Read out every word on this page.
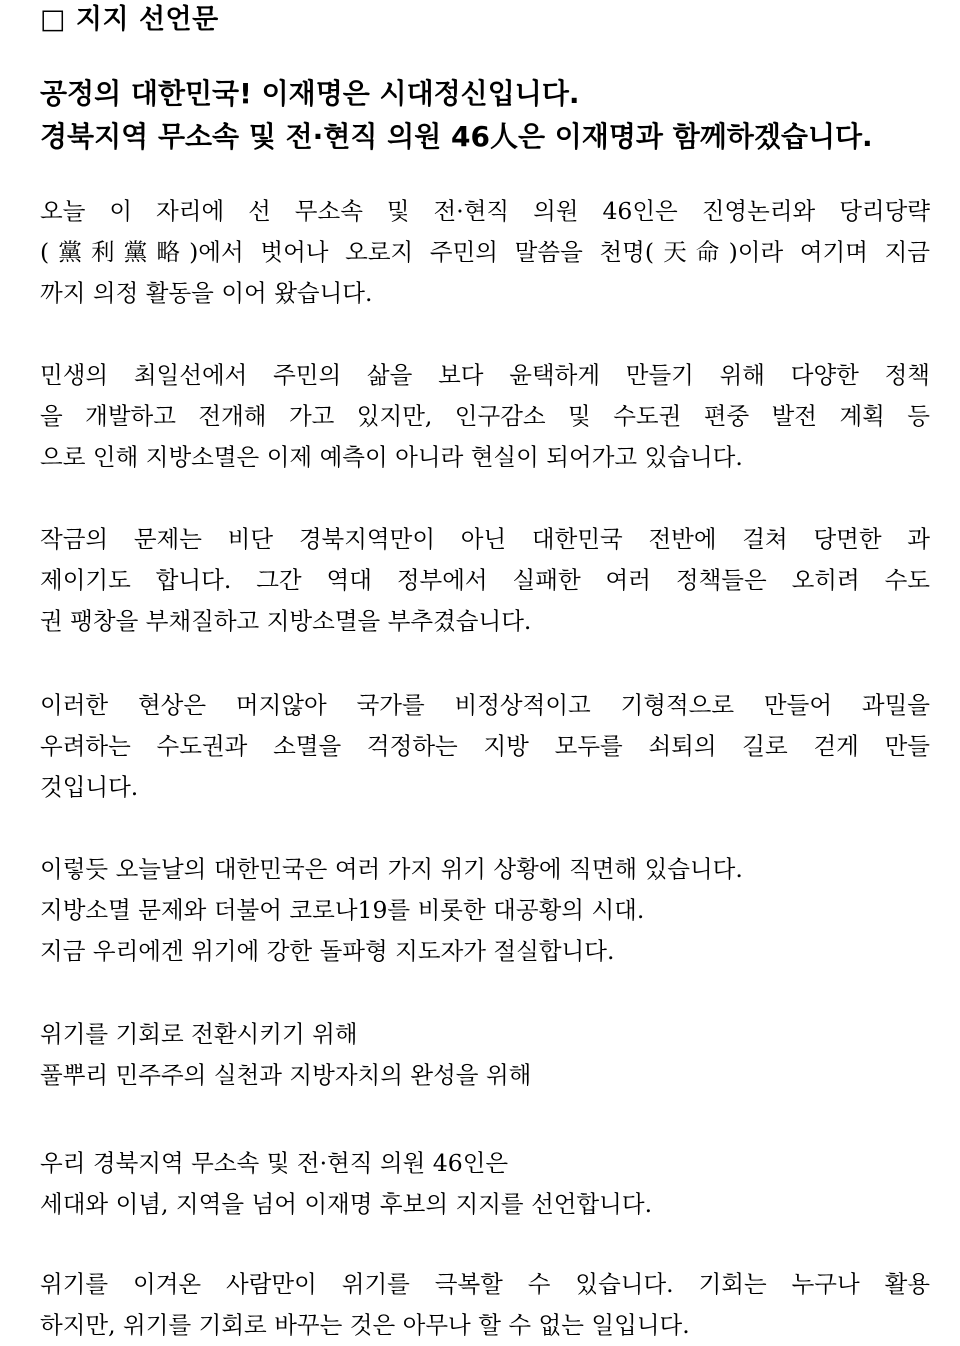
□ 지지 선언문
공정의 대한민국! 이재명은 시대정신입니다.
경북지역 무소속 및 전·현직 의원 46人은 이재명과 함께하겠습니다.
오늘 이 자리에 선 무소속 및 전·현직 의원 46인은 진영논리와 당리당략
(黨利黨略)에서 벗어나 오로지 주민의 말씀을 천명(天命)이라 여기며 지금
까지 의정 활동을 이어 왔습니다.
민생의 최일선에서 주민의 삶을 보다 윤택하게 만들기 위해 다양한 정책
을 개발하고 전개해 가고 있지만, 인구감소 및 수도권 편중 발전 계획 등
으로 인해 지방소멸은 이제 예측이 아니라 현실이 되어가고 있습니다.
작금의 문제는 비단 경북지역만이 아닌 대한민국 전반에 걸쳐 당면한 과
제이기도 합니다. 그간 역대 정부에서 실패한 여러 정책들은 오히려 수도
권 팽창을 부채질하고 지방소멸을 부추겼습니다.
이러한 현상은 머지않아 국가를 비정상적이고 기형적으로 만들어 과밀을
우려하는 수도권과 소멸을 걱정하는 지방 모두를 쇠퇴의 길로 걷게 만들
것입니다.
이렇듯 오늘날의 대한민국은 여러 가지 위기 상황에 직면해 있습니다.
지방소멸 문제와 더불어 코로나19를 비롯한 대공황의 시대.
지금 우리에겐 위기에 강한 돌파형 지도자가 절실합니다.
위기를 기회로 전환시키기 위해
풀뿌리 민주주의 실천과 지방자치의 완성을 위해
우리 경북지역 무소속 및 전·현직 의원 46인은
세대와 이념, 지역을 넘어 이재명 후보의 지지를 선언합니다.
위기를 이겨온 사람만이 위기를 극복할 수 있습니다. 기회는 누구나 활용
하지만, 위기를 기회로 바꾸는 것은 아무나 할 수 없는 일입니다.
